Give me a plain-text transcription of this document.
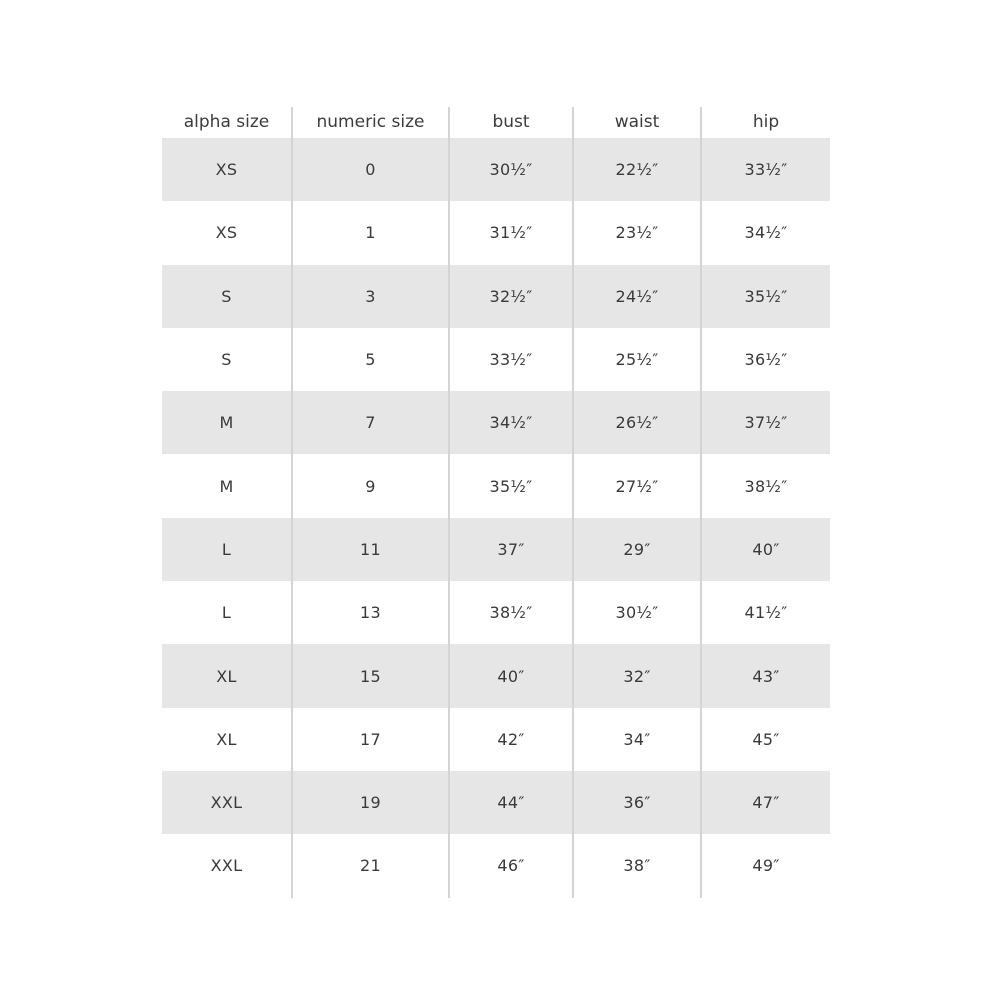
alpha size	numeric size	bust	waist	hip
XS	0	30½″	22½″	33½″
XS	1	31½″	23½″	34½″
S	3	32½″	24½″	35½″
S	5	33½″	25½″	36½″
M	7	34½″	26½″	37½″
M	9	35½″	27½″	38½″
L	11	37″	29″	40″
L	13	38½″	30½″	41½″
XL	15	40″	32″	43″
XL	17	42″	34″	45″
XXL	19	44″	36″	47″
XXL	21	46″	38″	49″
